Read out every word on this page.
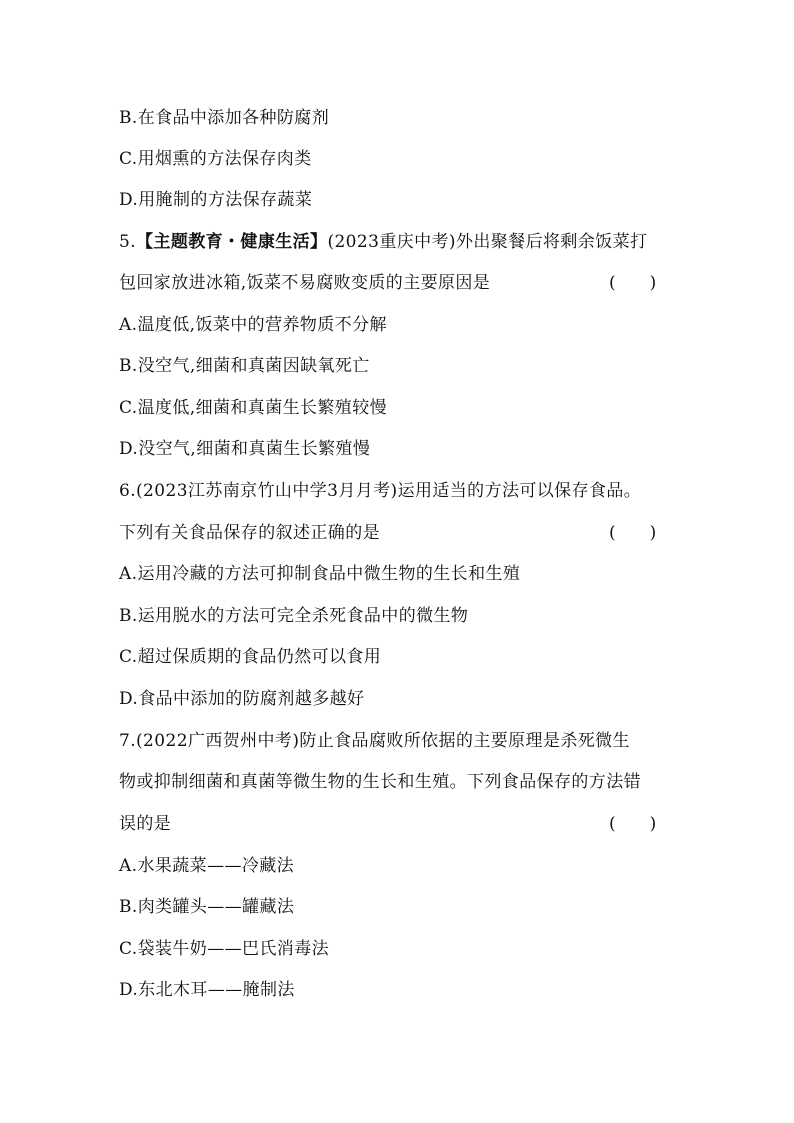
B.在食品中添加各种防腐剂
C.用烟熏的方法保存肉类
D.用腌制的方法保存蔬菜
5.【主题教育・健康生活】(2023重庆中考)外出聚餐后将剩余饭菜打
包回家放进冰箱,饭菜不易腐败变质的主要原因是	(　　)
A.温度低,饭菜中的营养物质不分解
B.没空气,细菌和真菌因缺氧死亡
C.温度低,细菌和真菌生长繁殖较慢
D.没空气,细菌和真菌生长繁殖慢
6.(2023江苏南京竹山中学3月月考)运用适当的方法可以保存食品。
下列有关食品保存的叙述正确的是	(　　)
A.运用冷藏的方法可抑制食品中微生物的生长和生殖
B.运用脱水的方法可完全杀死食品中的微生物
C.超过保质期的食品仍然可以食用
D.食品中添加的防腐剂越多越好
7.(2022广西贺州中考)防止食品腐败所依据的主要原理是杀死微生
物或抑制细菌和真菌等微生物的生长和生殖。下列食品保存的方法错
误的是	(　　)
A.水果蔬菜——冷藏法
B.肉类罐头——罐藏法
C.袋装牛奶——巴氏消毒法
D.东北木耳——腌制法
